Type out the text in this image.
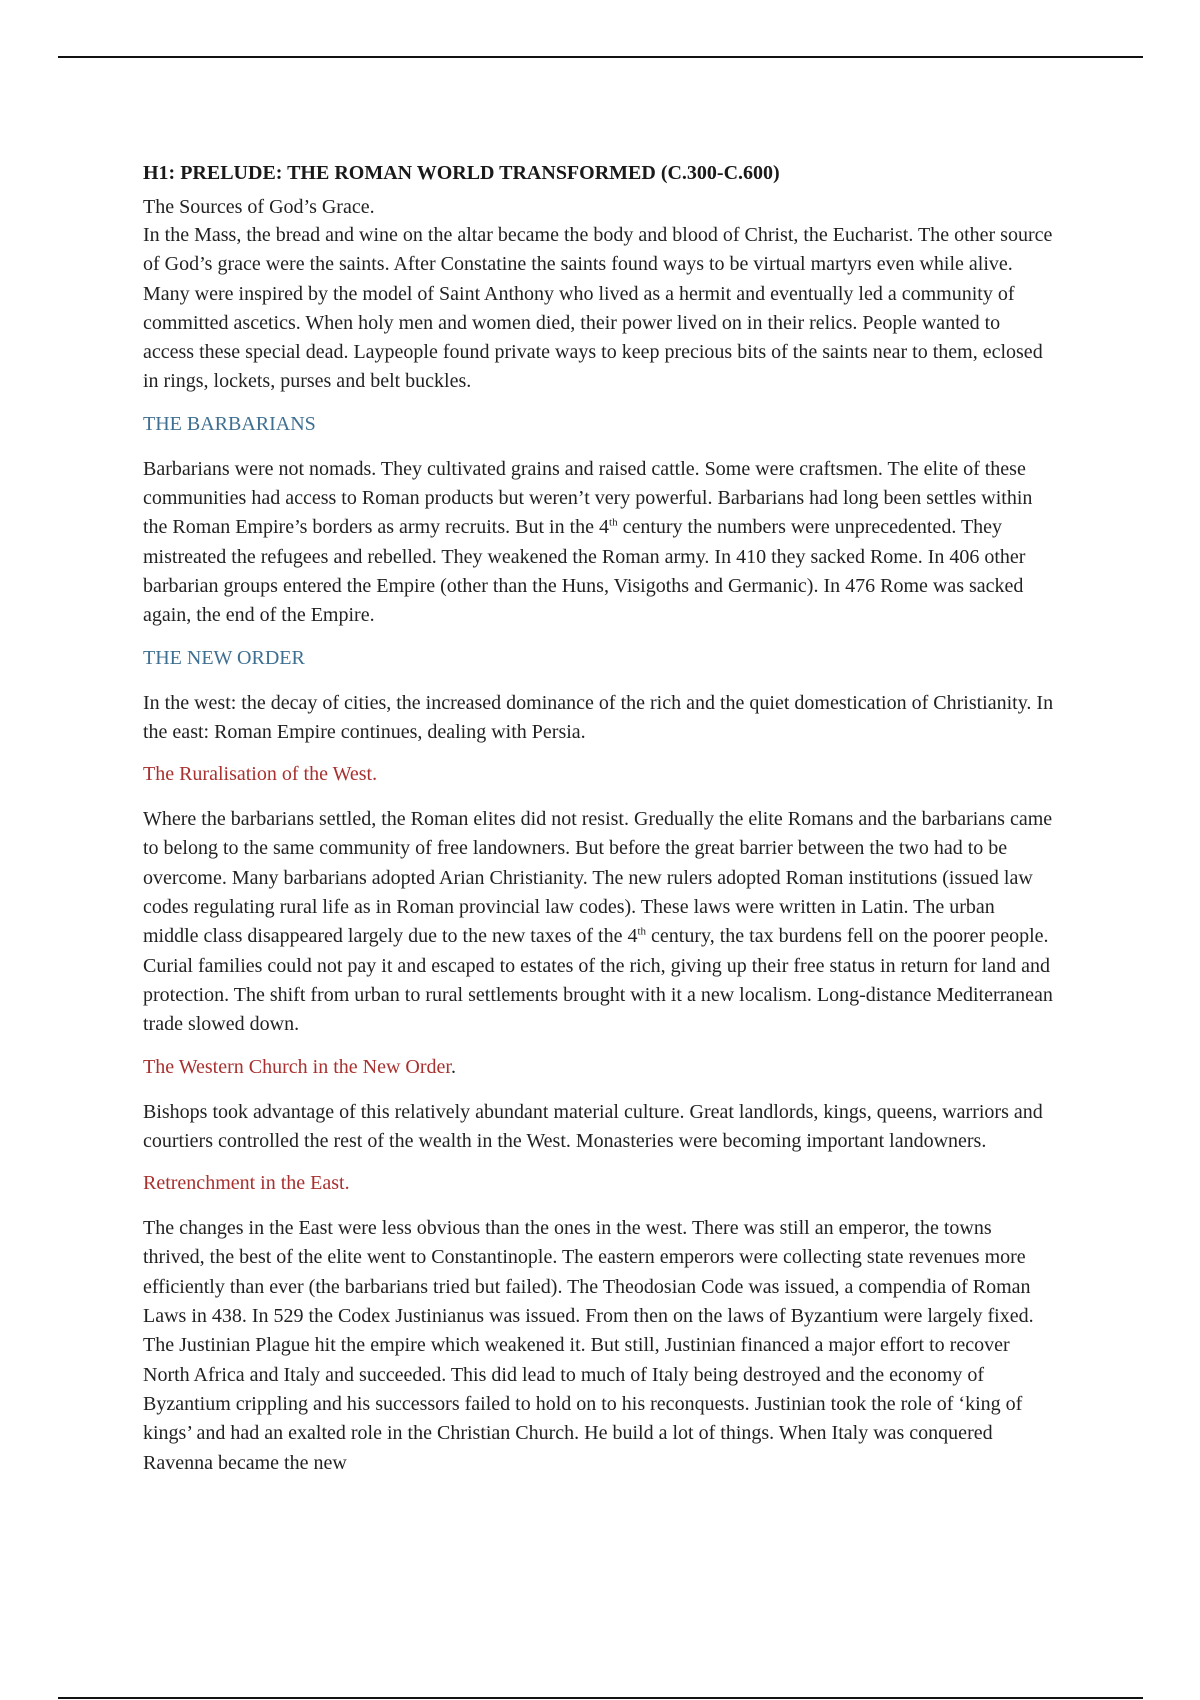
H1: PRELUDE: THE ROMAN WORLD TRANSFORMED (C.300-C.600)
The Sources of God’s Grace.

In the Mass, the bread and wine on the altar became the body and blood of Christ, the Eucharist. The other source of God’s grace were the saints. After Constatine the saints found ways to be virtual martyrs even while alive. Many were inspired by the model of Saint Anthony who lived as a hermit and eventually led a community of committed ascetics. When holy men and women died, their power lived on in their relics. People wanted to access these special dead. Laypeople found private ways to keep precious bits of the saints near to them, eclosed in rings, lockets, purses and belt buckles.

THE BARBARIANS

Barbarians were not nomads. They cultivated grains and raised cattle. Some were craftsmen. The elite of these communities had access to Roman products but weren’t very powerful. Barbarians had long been settles within the Roman Empire’s borders as army recruits. But in the 4th century the numbers were unprecedented. They mistreated the refugees and rebelled. They weakened the Roman army. In 410 they sacked Rome. In 406 other barbarian groups entered the Empire (other than the Huns, Visigoths and Germanic). In 476 Rome was sacked again, the end of the Empire.

THE NEW ORDER

In the west: the decay of cities, the increased dominance of the rich and the quiet domestication of Christianity. In the east: Roman Empire continues, dealing with Persia.

The Ruralisation of the West.

Where the barbarians settled, the Roman elites did not resist. Gredually the elite Romans and the barbarians came to belong to the same community of free landowners. But before the great barrier between the two had to be overcome. Many barbarians adopted Arian Christianity. The new rulers adopted Roman institutions (issued law codes regulating rural life as in Roman provincial law codes). These laws were written in Latin. The urban middle class disappeared largely due to the new taxes of the 4th century, the tax burdens fell on the poorer people. Curial families could not pay it and escaped to estates of the rich, giving up their free status in return for land and protection. The shift from urban to rural settlements brought with it a new localism. Long-distance Mediterranean trade slowed down.

The Western Church in the New Order.

Bishops took advantage of this relatively abundant material culture. Great landlords, kings, queens, warriors and courtiers controlled the rest of the wealth in the West. Monasteries were becoming important landowners.

Retrenchment in the East.

The changes in the East were less obvious than the ones in the west. There was still an emperor, the towns thrived, the best of the elite went to Constantinople. The eastern emperors were collecting state revenues more efficiently than ever (the barbarians tried but failed). The Theodosian Code was issued, a compendia of Roman Laws in 438. In 529 the Codex Justinianus was issued. From then on the laws of Byzantium were largely fixed. The Justinian Plague hit the empire which weakened it. But still, Justinian financed a major effort to recover North Africa and Italy and succeeded. This did lead to much of Italy being destroyed and the economy of Byzantium crippling and his successors failed to hold on to his reconquests. Justinian took the role of ‘king of kings’ and had an exalted role in the Christian Church. He build a lot of things. When Italy was conquered Ravenna became the new
